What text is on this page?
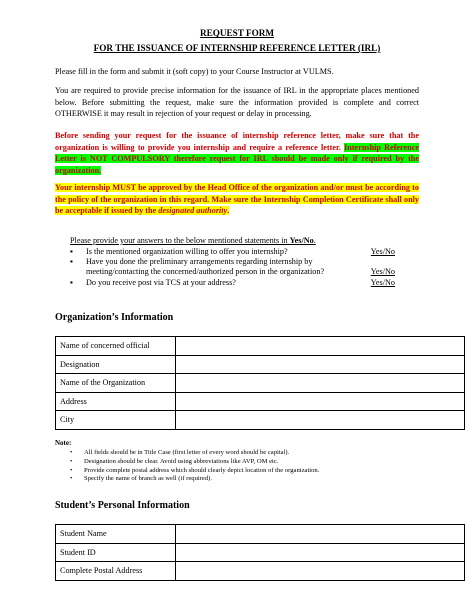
REQUEST FORM
FOR THE ISSUANCE OF INTERNSHIP REFERENCE LETTER (IRL)
Please fill in the form and submit it (soft copy) to your Course Instructor at VULMS.
You are required to provide precise information for the issuance of IRL in the appropriate places mentioned below. Before submitting the request, make sure the information provided is complete and correct OTHERWISE it may result in rejection of your request or delay in processing.
Before sending your request for the issuance of internship reference letter, make sure that the organization is willing to provide you internship and require a reference letter. Internship Reference Letter is NOT COMPULSORY therefore request for IRL should be made only if required by the organization.
Your internship MUST be approved by the Head Office of the organization and/or must be according to the policy of the organization in this regard. Make sure the Internship Completion Certificate shall only be acceptable if issued by the designated authority.
Please provide your answers to the below mentioned statements in Yes/No.
▪	Is the mentioned organization willing to offer you internship?	Yes/No
▪	Have you done the preliminary arrangements regarding internship by meeting/contacting the concerned/authorized person in the organization?	Yes/No
▪	Do you receive post via TCS at your address?	Yes/No
Organization’s Information
Name of concerned official	
Designation	
Name of the Organization	
Address	
City	
Note:
• All fields should be in Title Case (first letter of every word should be capital).
• Designation should be clear. Avoid using abbreviations like AVP, OM etc.
• Provide complete postal address which should clearly depict location of the organization.
• Specify the name of branch as well (if required).
Student’s Personal Information
Student Name	
Student ID	
Complete Postal Address	
